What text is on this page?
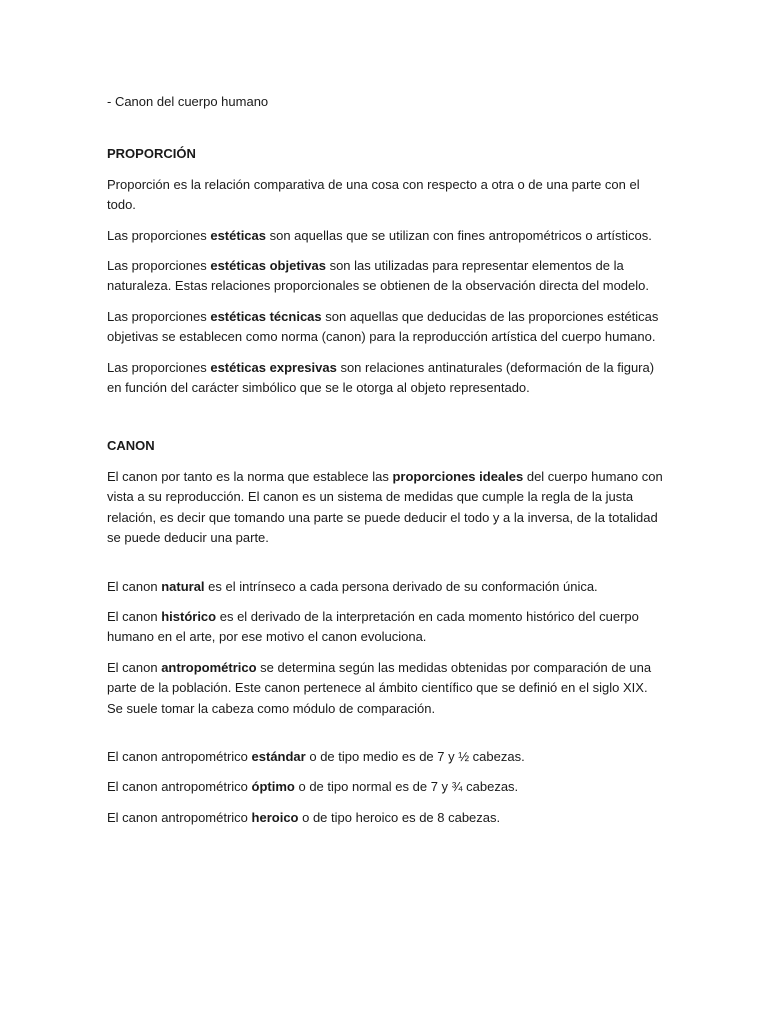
- Canon del cuerpo humano

PROPORCIÓN

Proporción es la relación comparativa de una cosa con respecto a otra o de una parte con el todo.

Las proporciones estéticas son aquellas que se utilizan con fines antropométricos o artísticos.

Las proporciones estéticas objetivas son las utilizadas para representar elementos de la naturaleza. Estas relaciones proporcionales se obtienen de la observación directa del modelo.

Las proporciones estéticas técnicas son aquellas que deducidas de las proporciones estéticas objetivas se establecen como norma (canon) para la reproducción artística del cuerpo humano.

Las proporciones estéticas expresivas son relaciones antinaturales (deformación de la figura) en función del carácter simbólico que se le otorga al objeto representado.

CANON

El canon por tanto es la norma que establece las proporciones ideales del cuerpo humano con vista a su reproducción. El canon es un sistema de medidas que cumple la regla de la justa relación, es decir que tomando una parte se puede deducir el todo y a la inversa, de la totalidad se puede deducir una parte.

El canon natural es el intrínseco a cada persona derivado de su conformación única.

El canon histórico es el derivado de la interpretación en cada momento histórico del cuerpo humano en el arte, por ese motivo el canon evoluciona.

El canon antropométrico se determina según las medidas obtenidas por comparación de una parte de la población. Este canon pertenece al ámbito científico que se definió en el siglo XIX. Se suele tomar la cabeza como módulo de comparación.

El canon antropométrico estándar o de tipo medio es de 7 y ½ cabezas.

El canon antropométrico óptimo o de tipo normal es de 7 y ¾ cabezas.

El canon antropométrico heroico o de tipo heroico es de 8 cabezas.
